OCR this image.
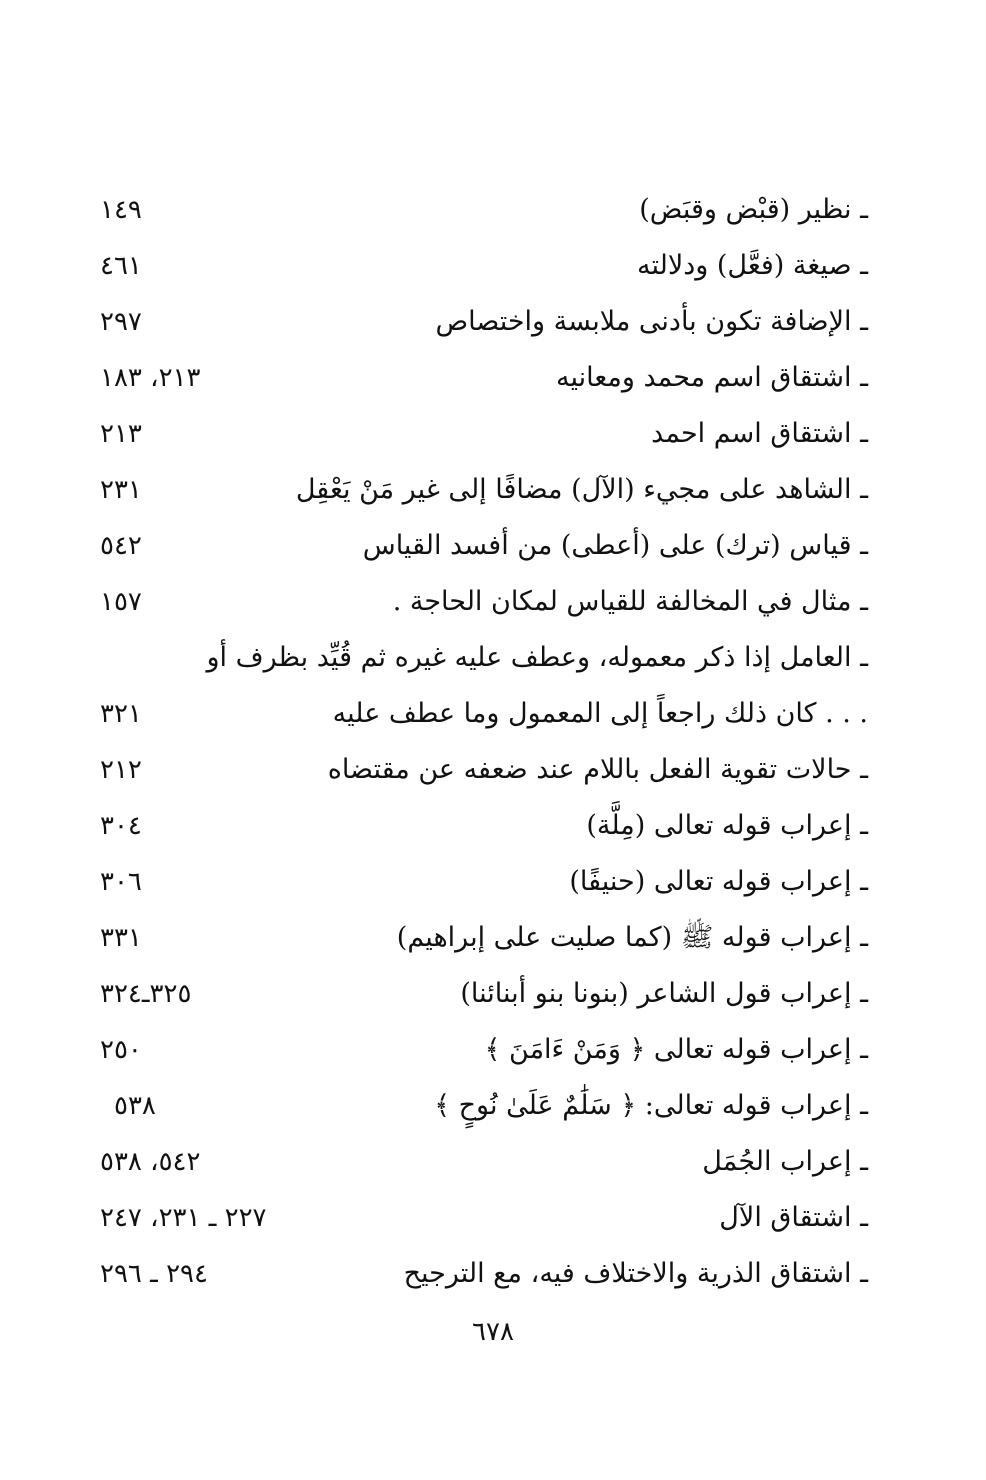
ـ نظير (قبْض وقبَض)
١٤٩
ـ صيغة (فعَّل) ودلالته
٤٦١
ـ الإضافة تكون بأدنى ملابسة واختصاص
٢٩٧
ـ اشتقاق اسم محمد ومعانيه
٢١٣، ١٨٣
ـ اشتقاق اسم احمد
٢١٣
ـ الشاهد على مجيء (الآل) مضافًا إلى غير مَنْ يَعْقِل
٢٣١
ـ قياس (ترك) على (أعطى) من أفسد القياس
٥٤٢
ـ مثال في المخالفة للقياس لمكان الحاجة .
١٥٧
ـ العامل إذا ذكر معموله، وعطف عليه غيره ثم قُيِّد بظرف أو
. . . كان ذلك راجعاً إلى المعمول وما عطف عليه
٣٢١
ـ حالات تقوية الفعل باللام عند ضعفه عن مقتضاه
٢١٢
ـ إعراب قوله تعالى (مِلَّة)
٣٠٤
ـ إعراب قوله تعالى (حنيفًا)
٣٠٦
ـ إعراب قوله ﷺ (كما صليت على إبراهيم)
٣٣١
ـ إعراب قول الشاعر (بنونا بنو أبنائنا)
٣٢٥ـ٣٢٤
ـ إعراب قوله تعالى ﴿ وَمَنْ ءَامَنَ ﴾
٢٥٠
ـ إعراب قوله تعالى: ﴿ سَلَٰمٌ عَلَىٰ نُوحٍ ﴾
٥٣٨
ـ إعراب الجُمَل
٥٤٢، ٥٣٨
ـ اشتقاق الآل
٢٢٧ ـ ٢٣١، ٢٤٧
ـ اشتقاق الذرية والاختلاف فيه، مع الترجيح
٢٩٤ ـ ٢٩٦
٦٧٨
